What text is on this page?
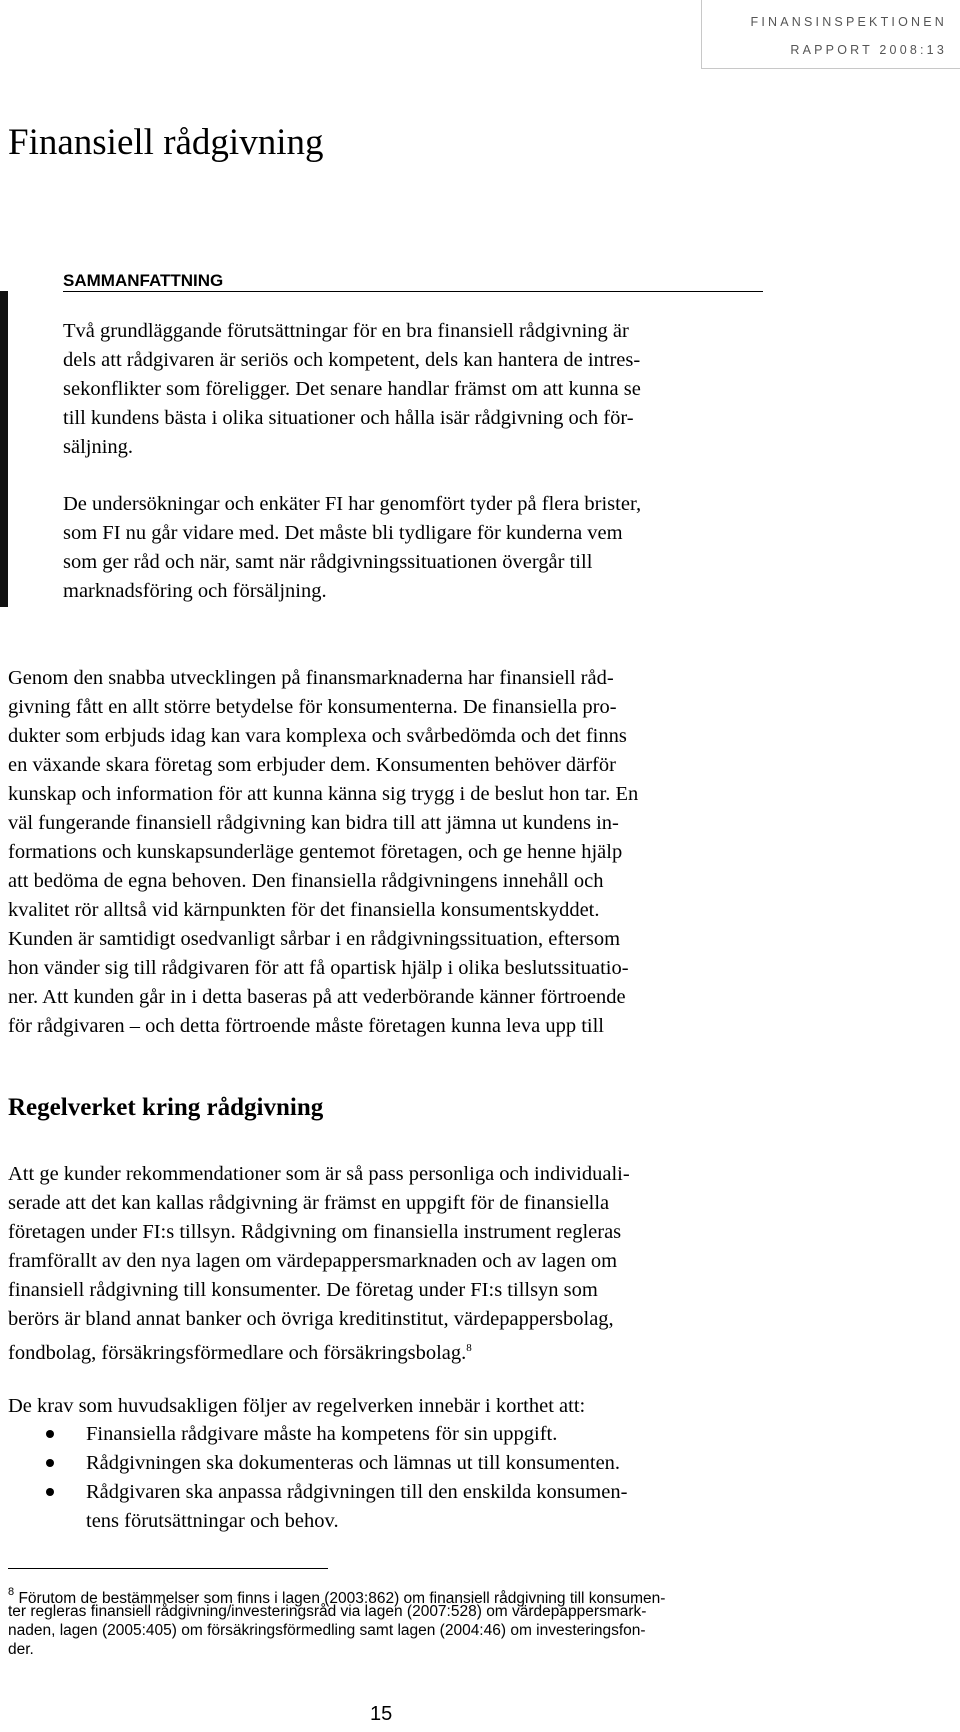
FINANSINSPEKTIONEN
RAPPORT 2008:13
Finansiell rådgivning
SAMMANFATTNING

Två grundläggande förutsättningar för en bra finansiell rådgivning är

dels att rådgivaren är seriös och kompetent, dels kan hantera de intres-

sekonflikter som föreligger. Det senare handlar främst om att kunna se

till kundens bästa i olika situationer och hålla isär rådgivning och för-

säljning.

De undersökningar och enkäter FI har genomfört tyder på flera brister,

som FI nu går vidare med. Det måste bli tydligare för kunderna vem

som ger råd och när, samt när rådgivningssituationen övergår till

marknadsföring och försäljning.

Genom den snabba utvecklingen på finansmarknaderna har finansiell råd-

givning fått en allt större betydelse för konsumenterna. De finansiella pro-

dukter som erbjuds idag kan vara komplexa och svårbedömda och det finns

en växande skara företag som erbjuder dem. Konsumenten behöver därför

kunskap och information för att kunna känna sig trygg i de beslut hon tar. En

väl fungerande finansiell rådgivning kan bidra till att jämna ut kundens in-

formations och kunskapsunderläge gentemot företagen, och ge henne hjälp

att bedöma de egna behoven. Den finansiella rådgivningens innehåll och

kvalitet rör alltså vid kärnpunkten för det finansiella konsumentskyddet.

Kunden är samtidigt osedvanligt sårbar i en rådgivningssituation, eftersom

hon vänder sig till rådgivaren för att få opartisk hjälp i olika beslutssituatio-

ner. Att kunden går in i detta baseras på att vederbörande känner förtroende

för rådgivaren – och detta förtroende måste företagen kunna leva upp till

Regelverket kring rådgivning

Att ge kunder rekommendationer som är så pass personliga och individuali-

serade att det kan kallas rådgivning är främst en uppgift för de finansiella

företagen under FI:s tillsyn. Rådgivning om finansiella instrument regleras

framförallt av den nya lagen om värdepappersmarknaden och av lagen om

finansiell rådgivning till konsumenter. De företag under FI:s tillsyn som

berörs är bland annat banker och övriga kreditinstitut, värdepappersbolag,

fondbolag, försäkringsförmedlare och försäkringsbolag.$^8$

De krav som huvudsakligen följer av regelverken innebär i korthet att:

Finansiella rådgivare måste ha kompetens för sin uppgift.

Rådgivningen ska dokumenteras och lämnas ut till konsumenten.

Rådgivaren ska anpassa rådgivningen till den enskilda konsumen-

tens förutsättningar och behov.

$^8$ Förutom de bestämmelser som finns i lagen (2003:862) om finansiell rådgivning till konsumen-

ter regleras finansiell rådgivning/investeringsråd via lagen (2007:528) om värdepappersmark-

naden, lagen (2005:405) om försäkringsförmedling samt lagen (2004:46) om investeringsfon-

der.

15
